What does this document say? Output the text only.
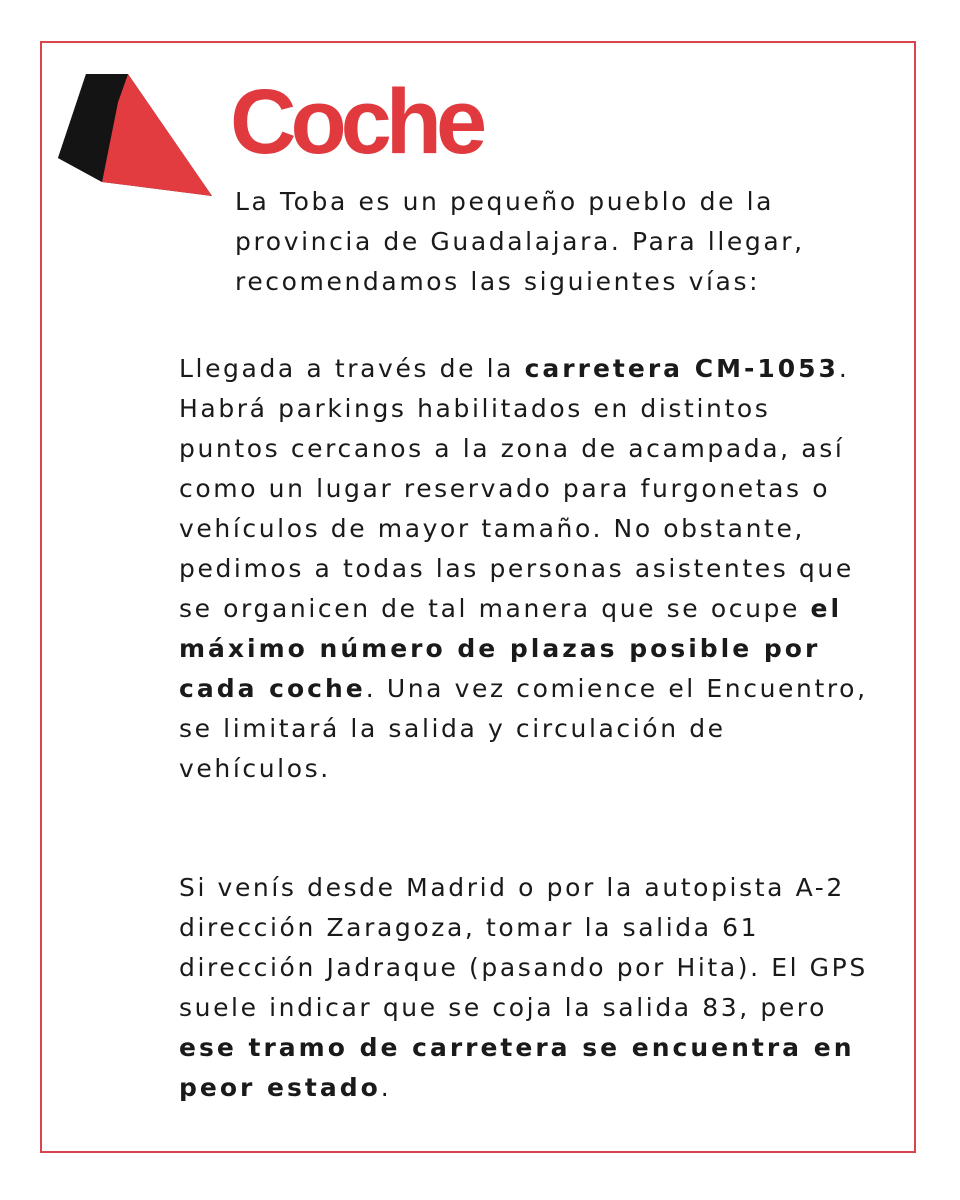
Coche

La Toba es un pequeño pueblo de la provincia de Guadalajara. Para llegar, recomendamos las siguientes vías:

Llegada a través de la carretera CM-1053. Habrá parkings habilitados en distintos puntos cercanos a la zona de acampada, así como un lugar reservado para furgonetas o vehículos de mayor tamaño. No obstante, pedimos a todas las personas asistentes que se organicen de tal manera que se ocupe el máximo número de plazas posible por cada coche. Una vez comience el Encuentro, se limitará la salida y circulación de vehículos.

Si venís desde Madrid o por la autopista A-2 dirección Zaragoza, tomar la salida 61 dirección Jadraque (pasando por Hita). El GPS suele indicar que se coja la salida 83, pero ese tramo de carretera se encuentra en peor estado.
